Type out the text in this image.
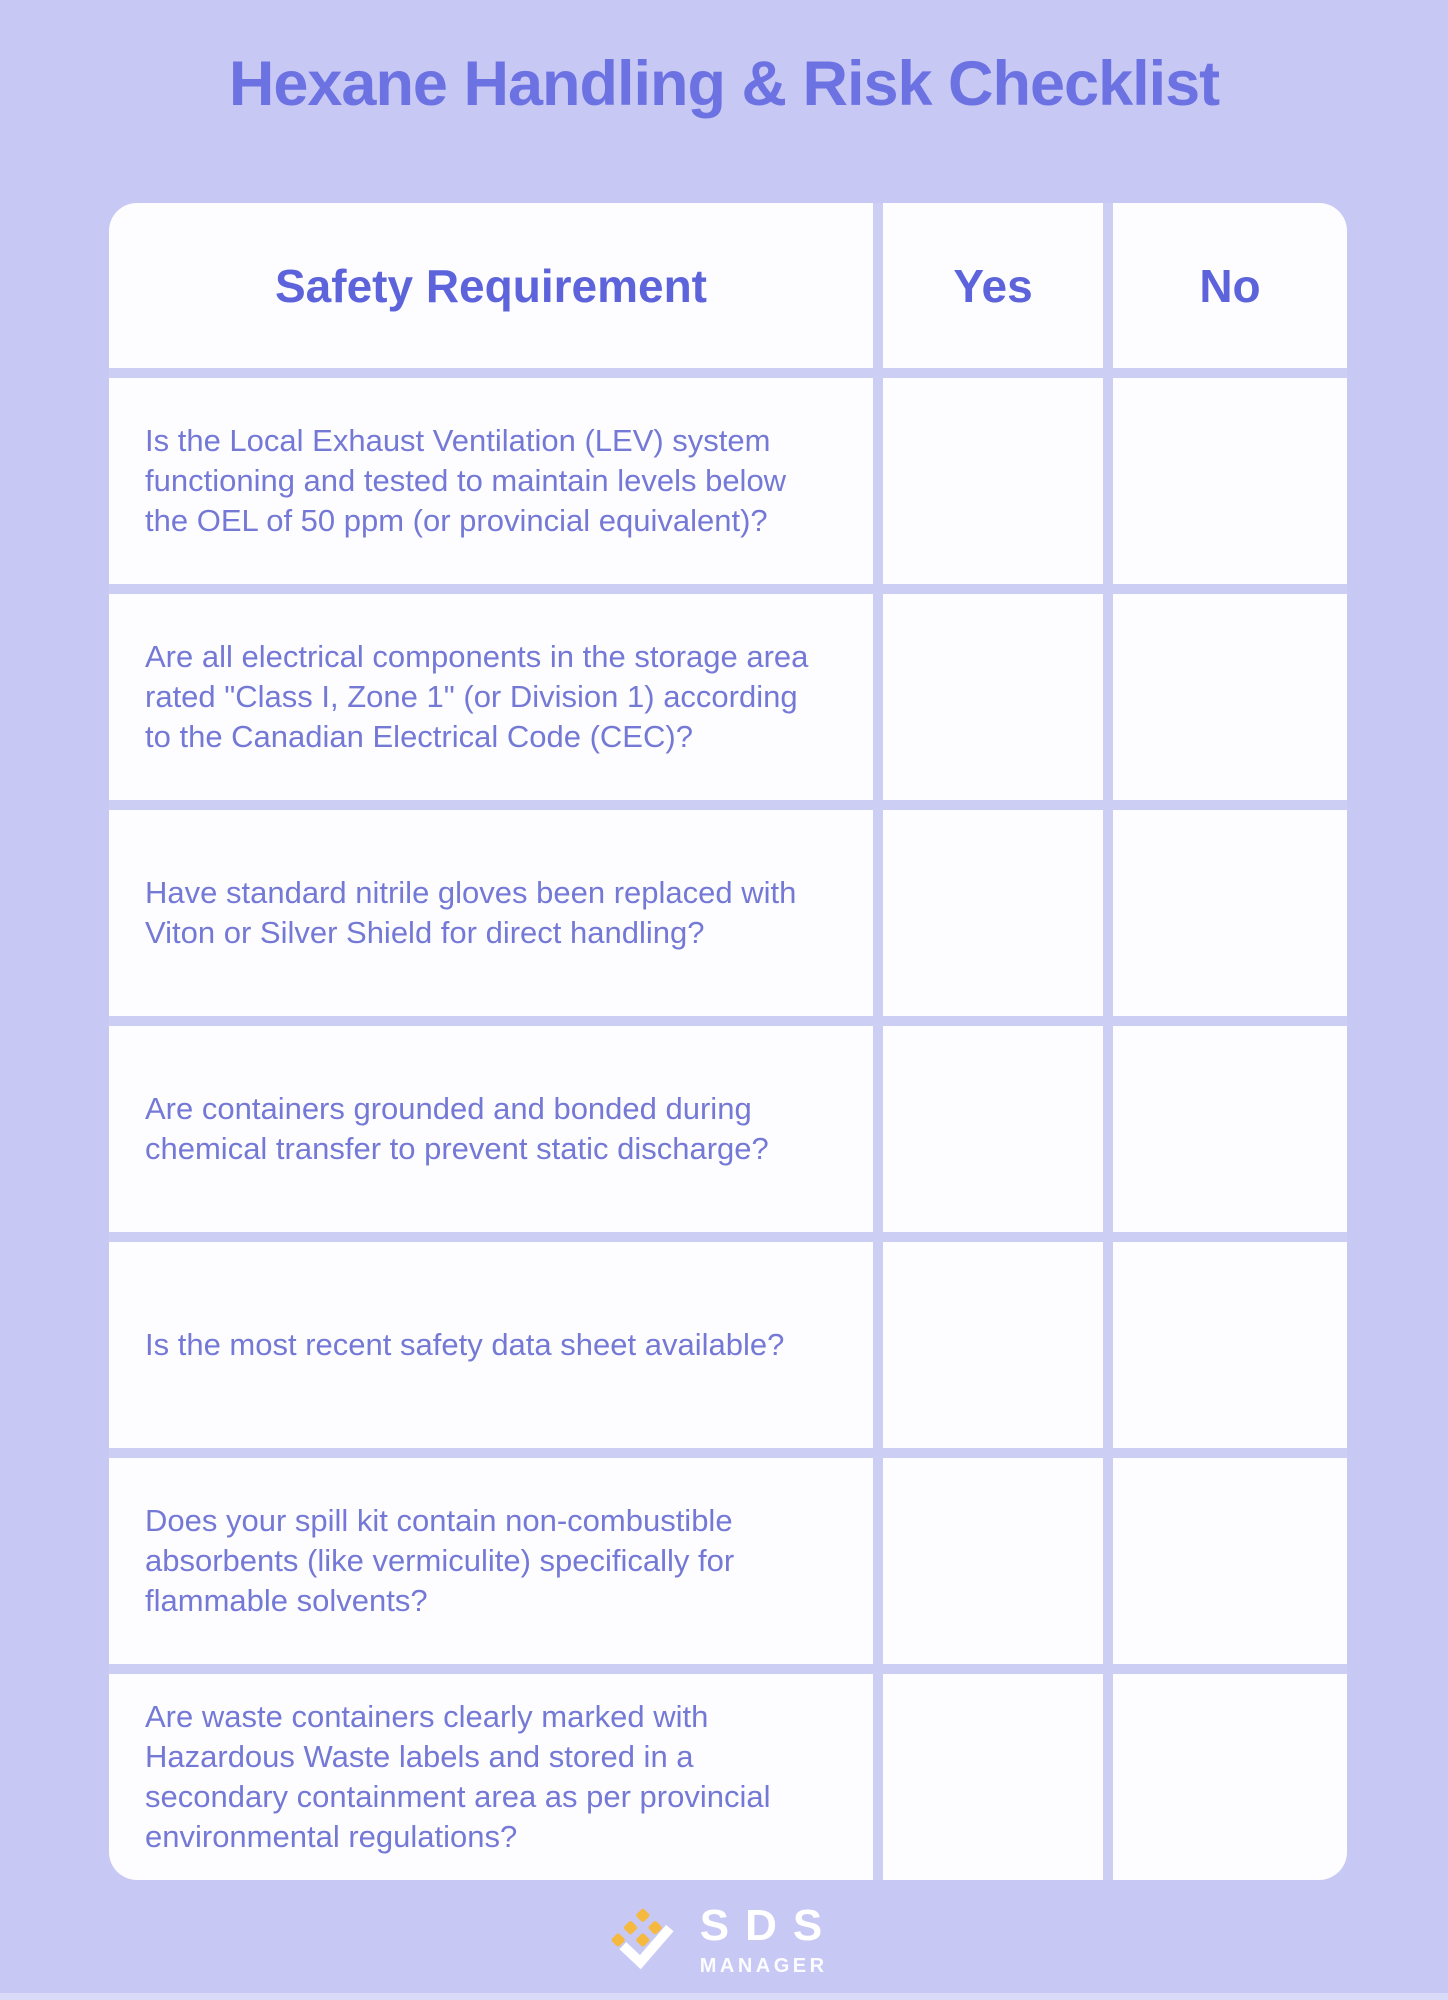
Hexane Handling & Risk Checklist
Safety Requirement	Yes	No
Is the Local Exhaust Ventilation (LEV) system functioning and tested to maintain levels below the OEL of 50 ppm (or provincial equivalent)?
Are all electrical components in the storage area rated "Class I, Zone 1" (or Division 1) according to the Canadian Electrical Code (CEC)?
Have standard nitrile gloves been replaced with Viton or Silver Shield for direct handling?
Are containers grounded and bonded during chemical transfer to prevent static discharge?
Is the most recent safety data sheet available?
Does your spill kit contain non-combustible absorbents (like vermiculite) specifically for flammable solvents?
Are waste containers clearly marked with Hazardous Waste labels and stored in a secondary containment area as per provincial environmental regulations?
SDS
MANAGER
